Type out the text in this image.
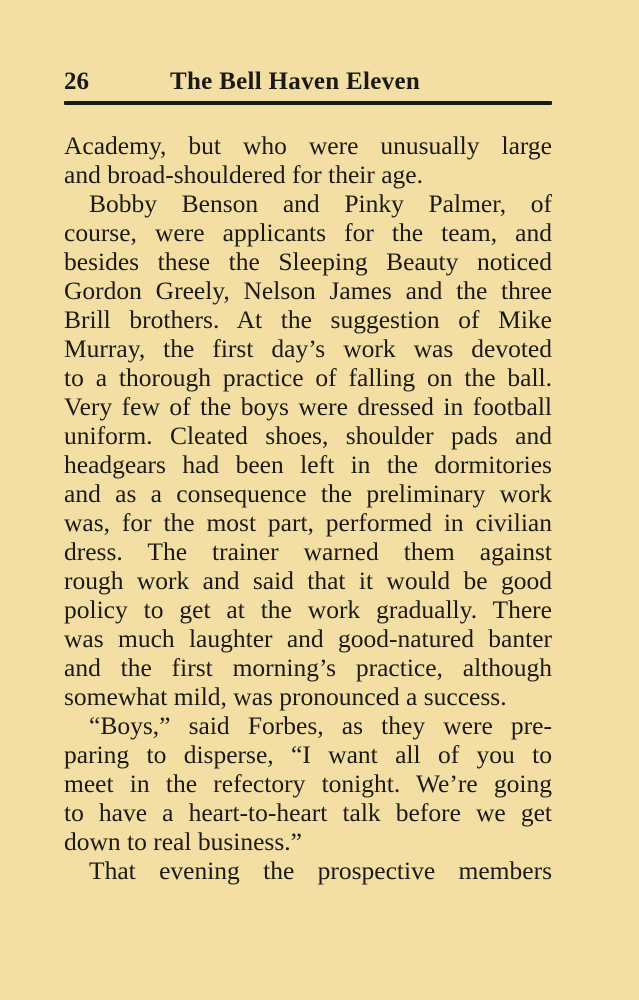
26	The Bell Haven Eleven
Academy, but who were unusually large
and broad-shouldered for their age.
Bobby Benson and Pinky Palmer, of
course, were applicants for the team, and
besides these the Sleeping Beauty noticed
Gordon Greely, Nelson James and the three
Brill brothers. At the suggestion of Mike
Murray, the first day’s work was devoted
to a thorough practice of falling on the ball.
Very few of the boys were dressed in football
uniform. Cleated shoes, shoulder pads and
headgears had been left in the dormitories
and as a consequence the preliminary work
was, for the most part, performed in civilian
dress. The trainer warned them against
rough work and said that it would be good
policy to get at the work gradually. There
was much laughter and good-natured banter
and the first morning’s practice, although
somewhat mild, was pronounced a success.
“Boys,” said Forbes, as they were pre-
paring to disperse, “I want all of you to
meet in the refectory tonight. We’re going
to have a heart-to-heart talk before we get
down to real business.”
That evening the prospective members
